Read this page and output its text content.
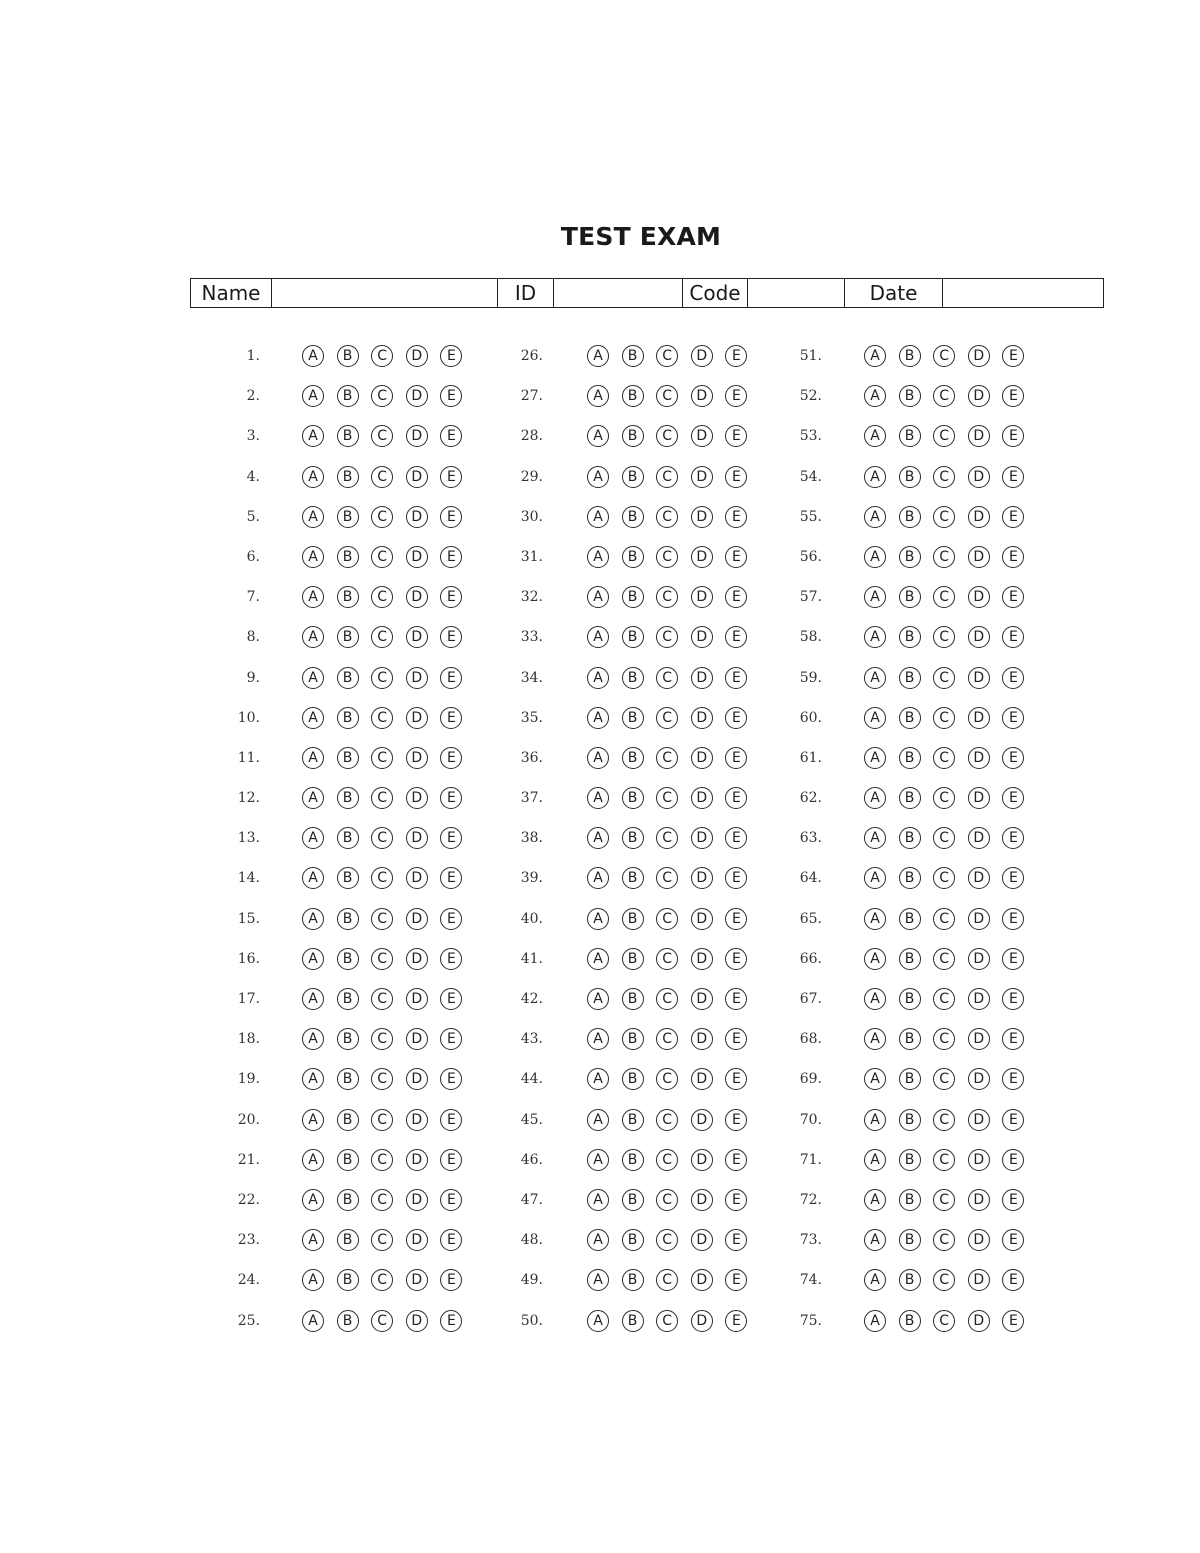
TEST EXAM
Name		ID		Code		Date	
1.	A	B	C	D	E
2.	A	B	C	D	E
3.	A	B	C	D	E
4.	A	B	C	D	E
5.	A	B	C	D	E
6.	A	B	C	D	E
7.	A	B	C	D	E
8.	A	B	C	D	E
9.	A	B	C	D	E
10.	A	B	C	D	E
11.	A	B	C	D	E
12.	A	B	C	D	E
13.	A	B	C	D	E
14.	A	B	C	D	E
15.	A	B	C	D	E
16.	A	B	C	D	E
17.	A	B	C	D	E
18.	A	B	C	D	E
19.	A	B	C	D	E
20.	A	B	C	D	E
21.	A	B	C	D	E
22.	A	B	C	D	E
23.	A	B	C	D	E
24.	A	B	C	D	E
25.	A	B	C	D	E
26.	A	B	C	D	E
27.	A	B	C	D	E
28.	A	B	C	D	E
29.	A	B	C	D	E
30.	A	B	C	D	E
31.	A	B	C	D	E
32.	A	B	C	D	E
33.	A	B	C	D	E
34.	A	B	C	D	E
35.	A	B	C	D	E
36.	A	B	C	D	E
37.	A	B	C	D	E
38.	A	B	C	D	E
39.	A	B	C	D	E
40.	A	B	C	D	E
41.	A	B	C	D	E
42.	A	B	C	D	E
43.	A	B	C	D	E
44.	A	B	C	D	E
45.	A	B	C	D	E
46.	A	B	C	D	E
47.	A	B	C	D	E
48.	A	B	C	D	E
49.	A	B	C	D	E
50.	A	B	C	D	E
51.	A	B	C	D	E
52.	A	B	C	D	E
53.	A	B	C	D	E
54.	A	B	C	D	E
55.	A	B	C	D	E
56.	A	B	C	D	E
57.	A	B	C	D	E
58.	A	B	C	D	E
59.	A	B	C	D	E
60.	A	B	C	D	E
61.	A	B	C	D	E
62.	A	B	C	D	E
63.	A	B	C	D	E
64.	A	B	C	D	E
65.	A	B	C	D	E
66.	A	B	C	D	E
67.	A	B	C	D	E
68.	A	B	C	D	E
69.	A	B	C	D	E
70.	A	B	C	D	E
71.	A	B	C	D	E
72.	A	B	C	D	E
73.	A	B	C	D	E
74.	A	B	C	D	E
75.	A	B	C	D	E
